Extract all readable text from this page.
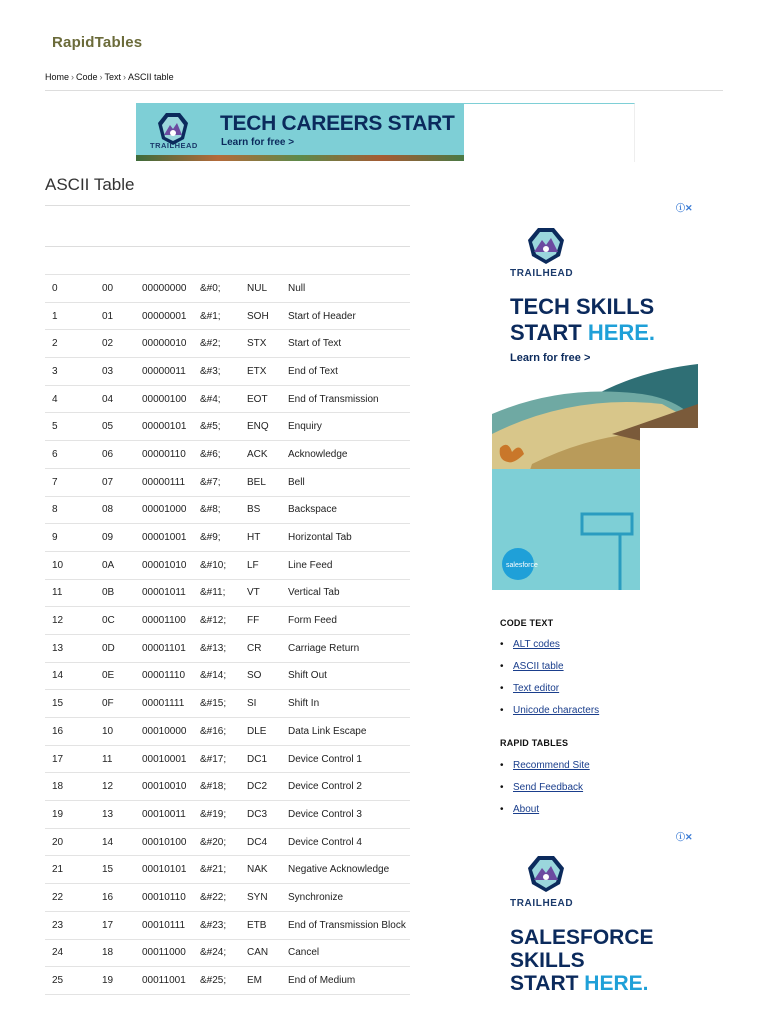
RapidTables
Home › Code › Text › ASCII table
TRAILHEAD
TECH CAREERS START
Learn for free >
ASCII Table
0	00	00000000	&#0;	NUL	Null
1	01	00000001	&#1;	SOH	Start of Header
2	02	00000010	&#2;	STX	Start of Text
3	03	00000011	&#3;	ETX	End of Text
4	04	00000100	&#4;	EOT	End of Transmission
5	05	00000101	&#5;	ENQ	Enquiry
6	06	00000110	&#6;	ACK	Acknowledge
7	07	00000111	&#7;	BEL	Bell
8	08	00001000	&#8;	BS	Backspace
9	09	00001001	&#9;	HT	Horizontal Tab
10	0A	00001010	&#10;	LF	Line Feed
11	0B	00001011	&#11;	VT	Vertical Tab
12	0C	00001100	&#12;	FF	Form Feed
13	0D	00001101	&#13;	CR	Carriage Return
14	0E	00001110	&#14;	SO	Shift Out
15	0F	00001111	&#15;	SI	Shift In
16	10	00010000	&#16;	DLE	Data Link Escape
17	11	00010001	&#17;	DC1	Device Control 1
18	12	00010010	&#18;	DC2	Device Control 2
19	13	00010011	&#19;	DC3	Device Control 3
20	14	00010100	&#20;	DC4	Device Control 4
21	15	00010101	&#21;	NAK	Negative Acknowledge
22	16	00010110	&#22;	SYN	Synchronize
23	17	00010111	&#23;	ETB	End of Transmission Block
24	18	00011000	&#24;	CAN	Cancel
25	19	00011001	&#25;	EM	End of Medium
ⓘ✕
TRAILHEAD
TECH SKILLS
START HERE.
Learn for free >
salesforce
CODE TEXT
• ALT codes
• ASCII table
• Text editor
• Unicode characters
RAPID TABLES
• Recommend Site
• Send Feedback
• About
ⓘ✕
TRAILHEAD
SALESFORCE
SKILLS
START HERE.
